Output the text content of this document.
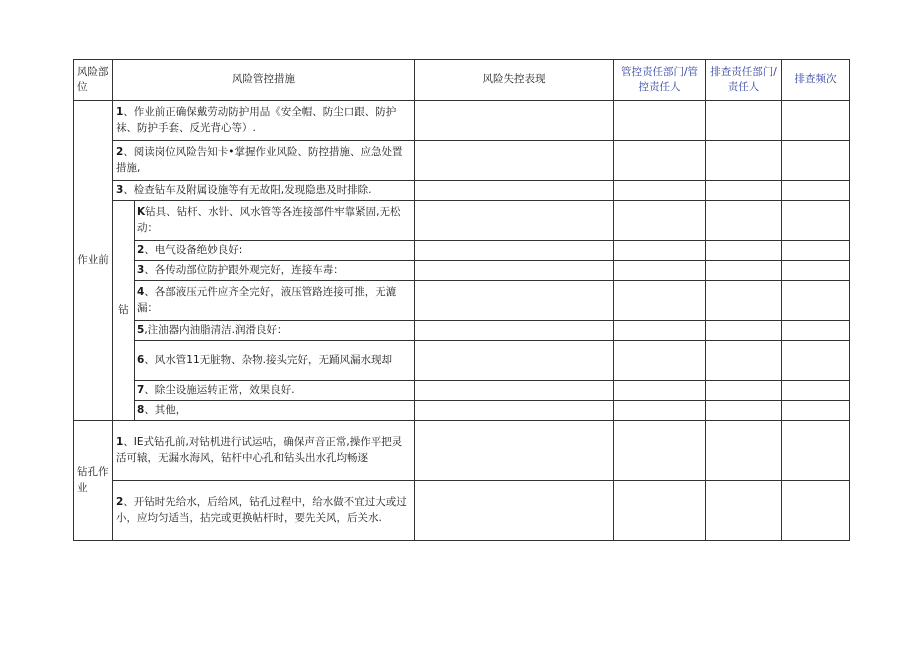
风险部位	风险管控措施		风险失控表现	管控责任部门/管控责任人	排查责任部门/责任人	排查频次
作业前	1、作业前正确保戴劳动防护用品《安全帽、防尘口跟、防护袜、防护手套、反光背心等）.					
	2、阅读岗位风险告知卡•掌握作业风险、防控措施、应急处置措施,					
	3、检查钻车及附属设施等有无故阳,发现隐患及时排除.					
	钻	K钻具、钻杆、水针、风水管等各连接部件牢靠紧固,无松动：				
		2、电气设备绝妙良好:				
		3、各传动部位防护跟外观完好，连接车毒：				
		4、各部液压元件应齐全完好，液压管路连接可推，无漉漏：				
		5,注油器内油脂清洁.润滑良好：				
		6、风水管11无脏物、杂物.接头完好，无踊风漏水现却				
		7、除尘设施运转正常，效果良好.				
		8、其他，				
钻孔作业	1、IE式钻孔前,对钻机进行试运咕，确保声音正常,操作平把灵活可辕，无漏水海风，钻杆中心孔和钻头出水孔均畅逐					
	2、开钻时先给水，后给风，钻孔过程中，给水做不宜过大或过小，应均匀适当，拈完或更换帖杆时，要先关风，后关水.					
